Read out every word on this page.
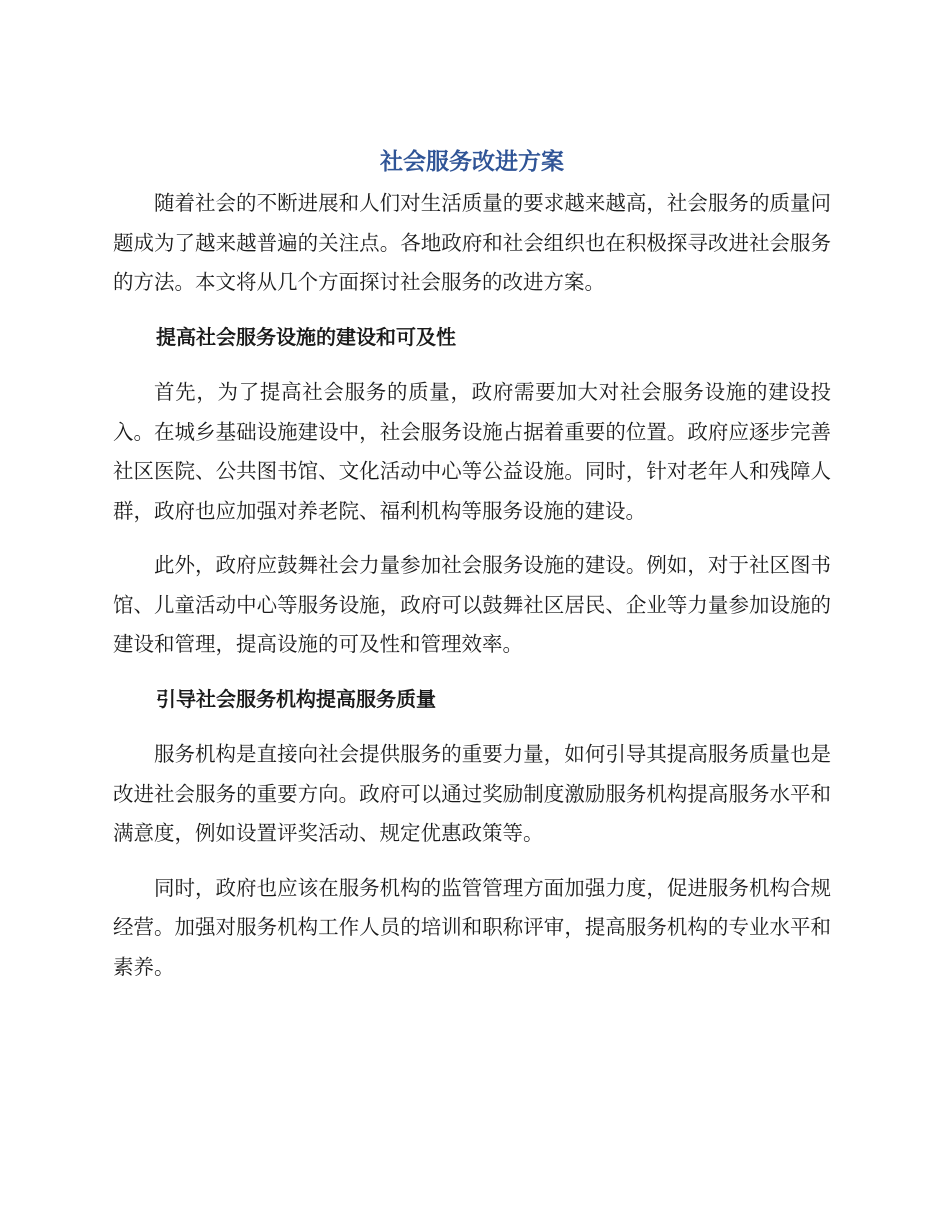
社会服务改进方案

随着社会的不断进展和人们对生活质量的要求越来越高，社会服务的质量问题成为了越来越普遍的关注点。各地政府和社会组织也在积极探寻改进社会服务的方法。本文将从几个方面探讨社会服务的改进方案。

提高社会服务设施的建设和可及性

首先，为了提高社会服务的质量，政府需要加大对社会服务设施的建设投入。在城乡基础设施建设中，社会服务设施占据着重要的位置。政府应逐步完善社区医院、公共图书馆、文化活动中心等公益设施。同时，针对老年人和残障人群，政府也应加强对养老院、福利机构等服务设施的建设。

此外，政府应鼓舞社会力量参加社会服务设施的建设。例如，对于社区图书馆、儿童活动中心等服务设施，政府可以鼓舞社区居民、企业等力量参加设施的建设和管理，提高设施的可及性和管理效率。

引导社会服务机构提高服务质量

服务机构是直接向社会提供服务的重要力量，如何引导其提高服务质量也是改进社会服务的重要方向。政府可以通过奖励制度激励服务机构提高服务水平和满意度，例如设置评奖活动、规定优惠政策等。

同时，政府也应该在服务机构的监管管理方面加强力度，促进服务机构合规经营。加强对服务机构工作人员的培训和职称评审，提高服务机构的专业水平和素养。
